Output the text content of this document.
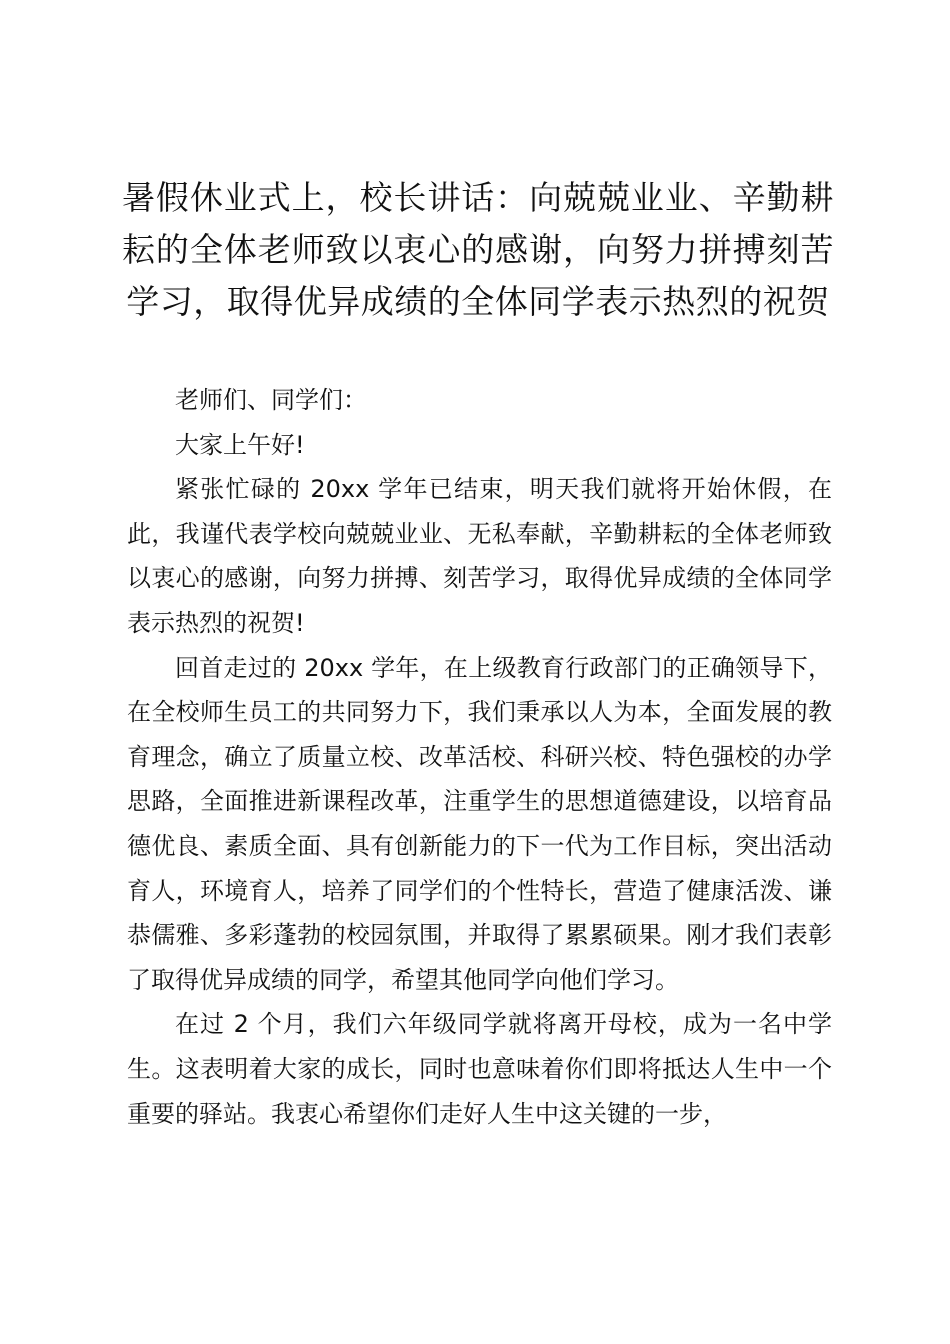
暑假休业式上，校长讲话：向兢兢业业、辛勤耕耘的全体老师致以衷心的感谢，向努力拼搏刻苦学习，取得优异成绩的全体同学表示热烈的祝贺

老师们、同学们：

大家上午好!

紧张忙碌的 20xx 学年已结束，明天我们就将开始休假，在此，我谨代表学校向兢兢业业、无私奉献，辛勤耕耘的全体老师致以衷心的感谢，向努力拼搏、刻苦学习，取得优异成绩的全体同学表示热烈的祝贺!

回首走过的 20xx 学年，在上级教育行政部门的正确领导下，在全校师生员工的共同努力下，我们秉承以人为本，全面发展的教育理念，确立了质量立校、改革活校、科研兴校、特色强校的办学思路，全面推进新课程改革，注重学生的思想道德建设，以培育品德优良、素质全面、具有创新能力的下一代为工作目标，突出活动育人，环境育人，培养了同学们的个性特长，营造了健康活泼、谦恭儒雅、多彩蓬勃的校园氛围，并取得了累累硕果。刚才我们表彰了取得优异成绩的同学，希望其他同学向他们学习。

在过 2 个月，我们六年级同学就将离开母校，成为一名中学生。这表明着大家的成长，同时也意味着你们即将抵达人生中一个重要的驿站。我衷心希望你们走好人生中这关键的一步，
